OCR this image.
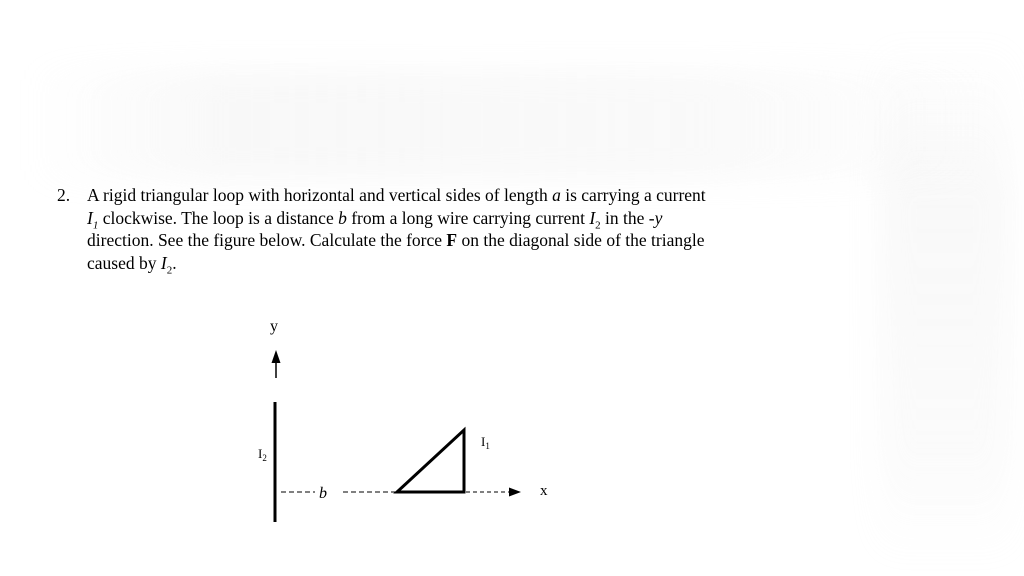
2. A rigid triangular loop with horizontal and vertical sides of length a is carrying a current

$I_1$ clockwise. The loop is a distance b from a long wire carrying current $I_2$ in the -y

direction. See the figure below. Calculate the force F on the diagonal side of the triangle

caused by $I_2$.

y
$I_2$
b
$I_1$
x
